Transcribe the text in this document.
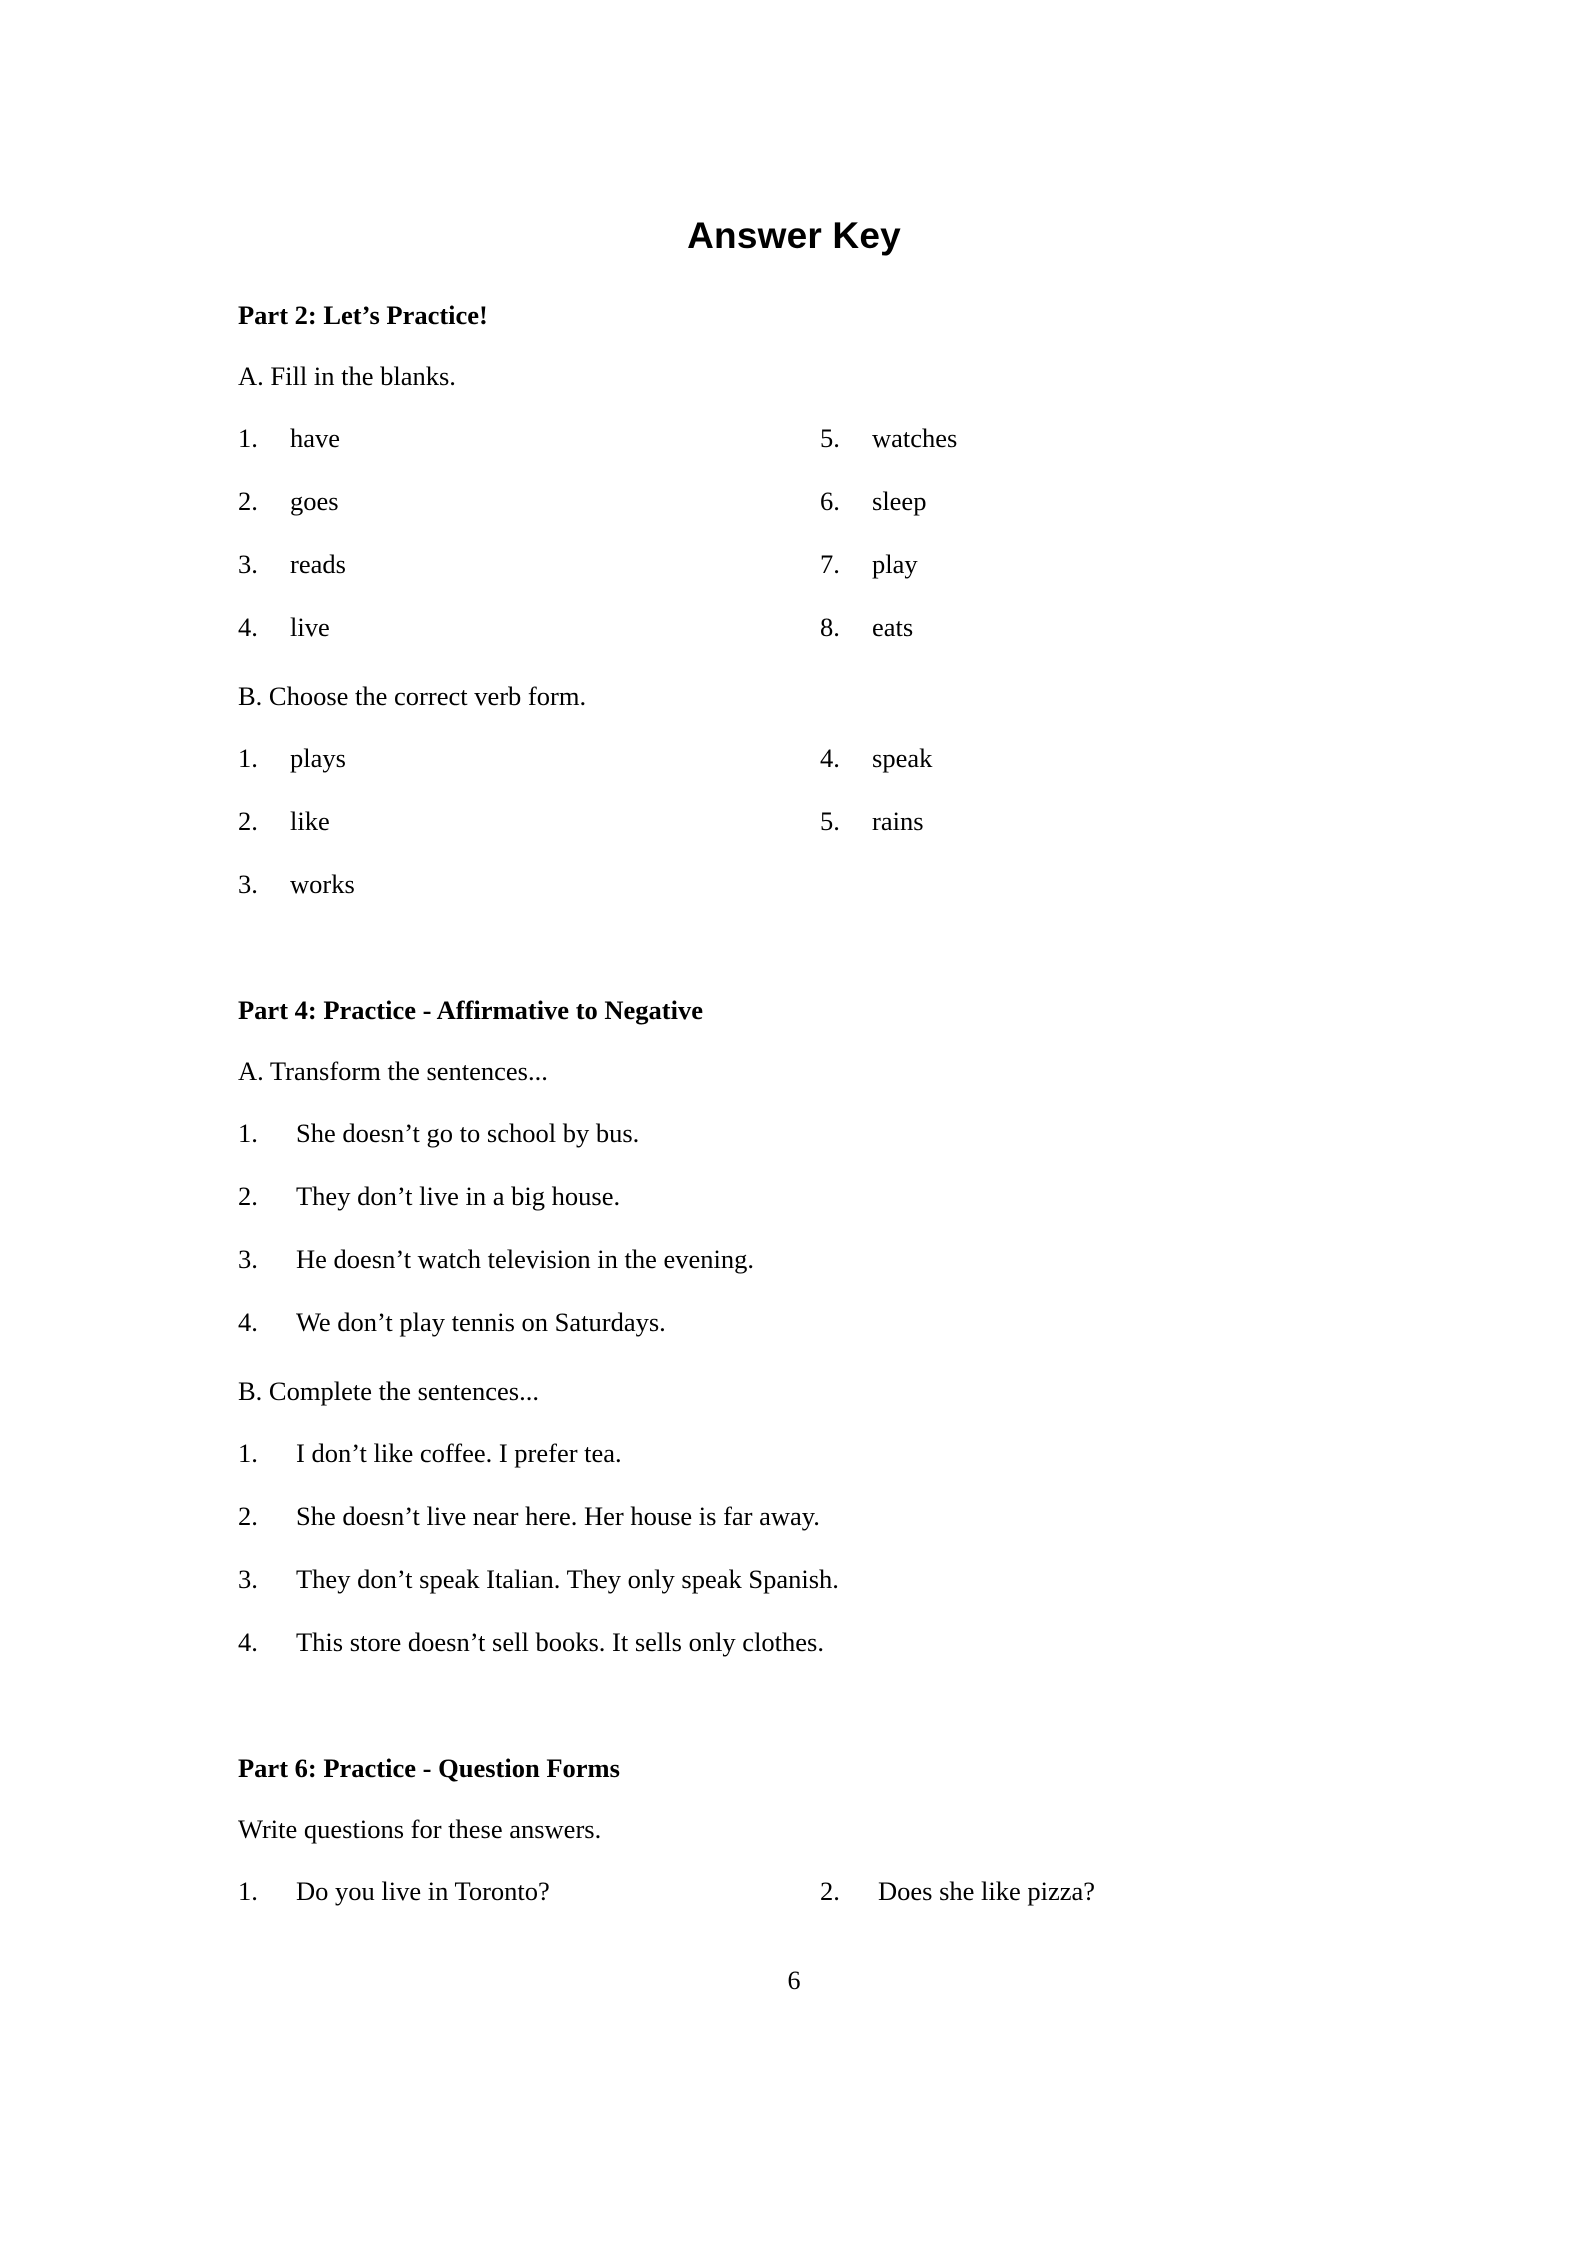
Answer Key
Part 2: Let’s Practice!
A. Fill in the blanks.
1. have
2. goes
3. reads
4. live
5. watches
6. sleep
7. play
8. eats
B. Choose the correct verb form.
1. plays
2. like
3. works
4. speak
5. rains
Part 4: Practice - Affirmative to Negative
A. Transform the sentences...
1. She doesn’t go to school by bus.
2. They don’t live in a big house.
3. He doesn’t watch television in the evening.
4. We don’t play tennis on Saturdays.
B. Complete the sentences...
1. I don’t like coffee. I prefer tea.
2. She doesn’t live near here. Her house is far away.
3. They don’t speak Italian. They only speak Spanish.
4. This store doesn’t sell books. It sells only clothes.
Part 6: Practice - Question Forms
Write questions for these answers.
1. Do you live in Toronto?	2. Does she like pizza?
6
